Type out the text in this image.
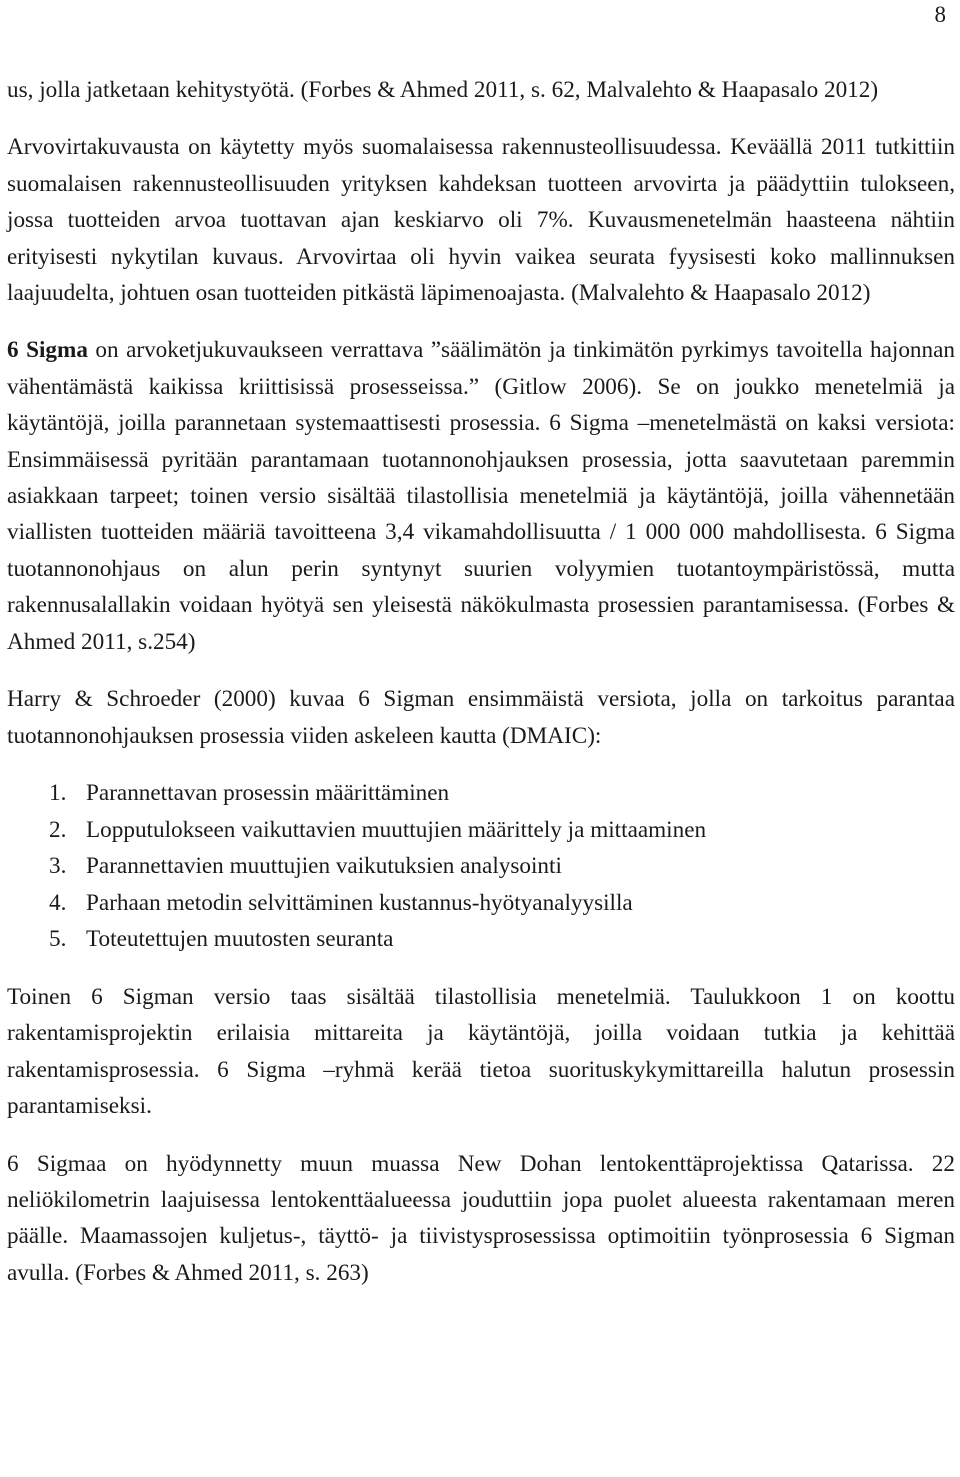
8

us, jolla jatketaan kehitystyötä. (Forbes & Ahmed 2011, s. 62, Malvalehto & Haapasalo 2012)

Arvovirtakuvausta on käytetty myös suomalaisessa rakennusteollisuudessa. Keväällä 2011 tutkittiin suomalaisen rakennusteollisuuden yrityksen kahdeksan tuotteen arvovirta ja päädyttiin tulokseen, jossa tuotteiden arvoa tuottavan ajan keskiarvo oli 7%. Kuvausmenetelmän haasteena nähtiin erityisesti nykytilan kuvaus. Arvovirtaa oli hyvin vaikea seurata fyysisesti koko mallinnuksen laajuudelta, johtuen osan tuotteiden pitkästä läpimenoajasta. (Malvalehto & Haapasalo 2012)

6 Sigma on arvoketjukuvaukseen verrattava ”säälimätön ja tinkimätön pyrkimys tavoitella hajonnan vähentämästä kaikissa kriittisissä prosesseissa.” (Gitlow 2006). Se on joukko menetelmiä ja käytäntöjä, joilla parannetaan systemaattisesti prosessia. 6 Sigma –menetelmästä on kaksi versiota: Ensimmäisessä pyritään parantamaan tuotannonohjauksen prosessia, jotta saavutetaan paremmin asiakkaan tarpeet; toinen versio sisältää tilastollisia menetelmiä ja käytäntöjä, joilla vähennetään viallisten tuotteiden määriä tavoitteena 3,4 vikamahdollisuutta / 1 000 000 mahdollisesta. 6 Sigma tuotannonohjaus on alun perin syntynyt suurien volyymien tuotantoympäristössä, mutta rakennusalallakin voidaan hyötyä sen yleisestä näkökulmasta prosessien parantamisessa. (Forbes & Ahmed 2011, s.254)

Harry & Schroeder (2000) kuvaa 6 Sigman ensimmäistä versiota, jolla on tarkoitus parantaa tuotannonohjauksen prosessia viiden askeleen kautta (DMAIC):

1. Parannettavan prosessin määrittäminen
2. Lopputulokseen vaikuttavien muuttujien määrittely ja mittaaminen
3. Parannettavien muuttujien vaikutuksien analysointi
4. Parhaan metodin selvittäminen kustannus-hyötyanalyysilla
5. Toteutettujen muutosten seuranta

Toinen 6 Sigman versio taas sisältää tilastollisia menetelmiä. Taulukkoon 1 on koottu rakentamisprojektin erilaisia mittareita ja käytäntöjä, joilla voidaan tutkia ja kehittää rakentamisprosessia. 6 Sigma –ryhmä kerää tietoa suorituskykymittareilla halutun prosessin parantamiseksi.

6 Sigmaa on hyödynnetty muun muassa New Dohan lentokenttäprojektissa Qatarissa. 22 neliökilometrin laajuisessa lentokenttäalueessa jouduttiin jopa puolet alueesta rakentamaan meren päälle. Maamassojen kuljetus-, täyttö- ja tiivistysprosessissa optimoitiin työnprosessia 6 Sigman avulla. (Forbes & Ahmed 2011, s. 263)
